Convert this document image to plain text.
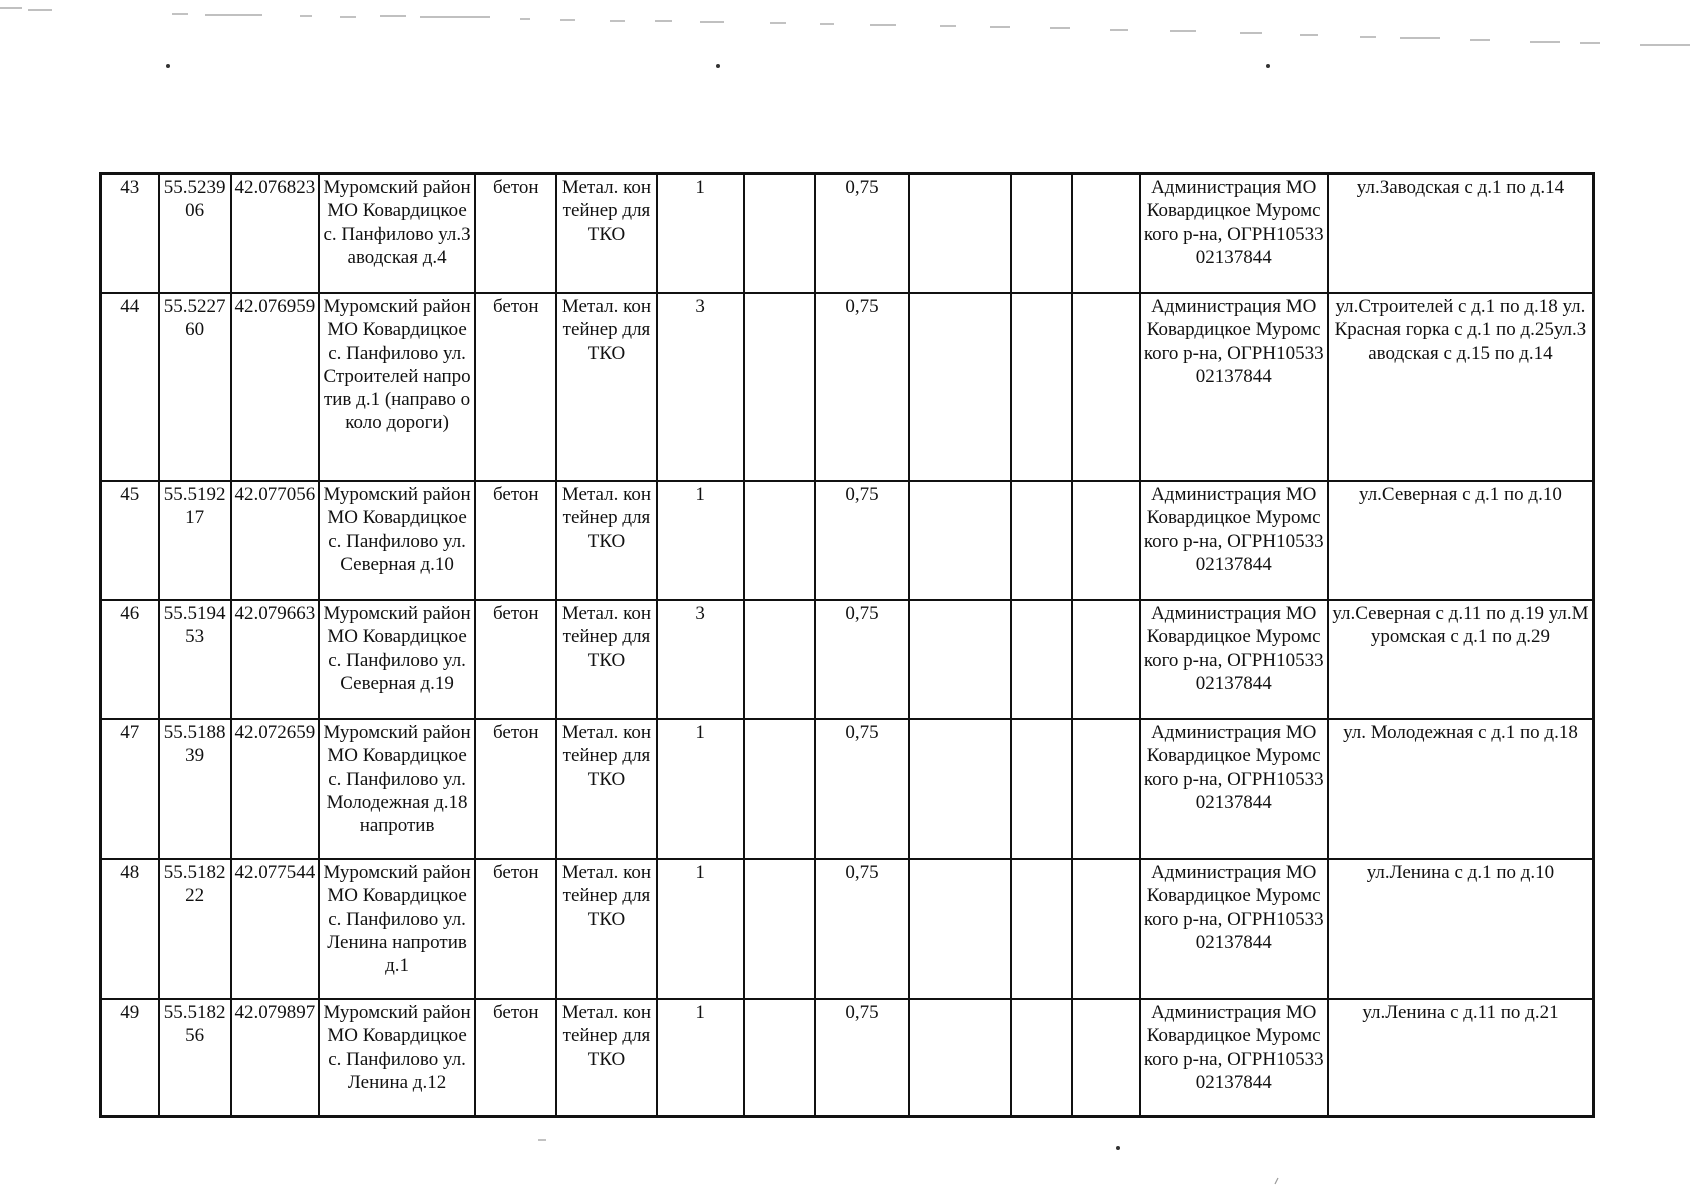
43	55.523906	42.076823	Муромский район МО Ковардицкое с. Панфилово ул.Заводская д.4	бетон	Метал. контейнер для ТКО	1		0,75				Администрация МО Ковардицкое Муромского р-на, ОГРН1053302137844	ул.Заводская с д.1 по д.14
44	55.522760	42.076959	Муромский район МО Ковардицкое с. Панфилово ул.Строителей напротив д.1 (направо около дороги)	бетон	Метал. контейнер для ТКО	3		0,75				Администрация МО Ковардицкое Муромского р-на, ОГРН1053302137844	ул.Строителей с д.1 по д.18 ул.Красная горка с д.1 по д.25ул.Заводская с д.15 по д.14
45	55.519217	42.077056	Муромский район МО Ковардицкое с. Панфилово ул.Северная д.10	бетон	Метал. контейнер для ТКО	1		0,75				Администрация МО Ковардицкое Муромского р-на, ОГРН1053302137844	ул.Северная с д.1 по д.10
46	55.519453	42.079663	Муромский район МО Ковардицкое с. Панфилово ул.Северная д.19	бетон	Метал. контейнер для ТКО	3		0,75				Администрация МО Ковардицкое Муромского р-на, ОГРН1053302137844	ул.Северная с д.11 по д.19 ул.Муромская с д.1 по д.29
47	55.518839	42.072659	Муромский район МО Ковардицкое с. Панфилово ул.Молодежная д.18 напротив	бетон	Метал. контейнер для ТКО	1		0,75				Администрация МО Ковардицкое Муромского р-на, ОГРН1053302137844	ул. Молодежная с д.1 по д.18
48	55.518222	42.077544	Муромский район МО Ковардицкое с. Панфилово ул.Ленина напротив д.1	бетон	Метал. контейнер для ТКО	1		0,75				Администрация МО Ковардицкое Муромского р-на, ОГРН1053302137844	ул.Ленина с д.1 по д.10
49	55.518256	42.079897	Муромский район МО Ковардицкое с. Панфилово ул.Ленина д.12	бетон	Метал. контейнер для ТКО	1		0,75				Администрация МО Ковардицкое Муромского р-на, ОГРН1053302137844	ул.Ленина с д.11 по д.21
